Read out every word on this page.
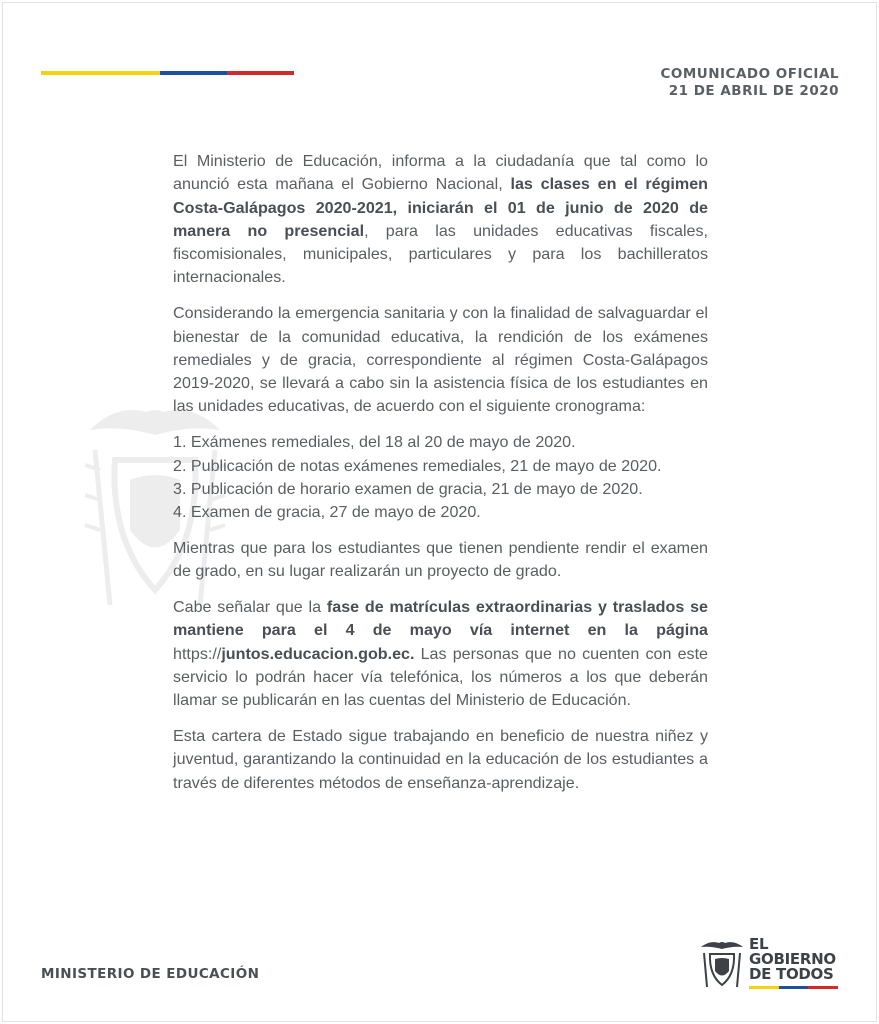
COMUNICADO OFICIAL
21 DE ABRIL DE 2020

El Ministerio de Educación, informa a la ciudadanía que tal como lo anunció esta mañana el Gobierno Nacional, las clases en el régimen Costa-Galápagos 2020-2021, iniciarán el 01 de junio de 2020 de manera no presencial, para las unidades educativas fiscales, fiscomisionales, municipales, particulares y para los bachilleratos internacionales.

Considerando la emergencia sanitaria y con la finalidad de salvaguardar el bienestar de la comunidad educativa, la rendición de los exámenes remediales y de gracia, correspondiente al régimen Costa-Galápagos 2019-2020, se llevará a cabo sin la asistencia física de los estudiantes en las unidades educativas, de acuerdo con el siguiente cronograma:

1. Exámenes remediales, del 18 al 20 de mayo de 2020.
2. Publicación de notas exámenes remediales, 21 de mayo de 2020.
3. Publicación de horario examen de gracia, 21 de mayo de 2020.
4. Examen de gracia, 27 de mayo de 2020.

Mientras que para los estudiantes que tienen pendiente rendir el examen de grado, en su lugar realizarán un proyecto de grado.

Cabe señalar que la fase de matrículas extraordinarias y traslados se mantiene para el 4 de mayo vía internet en la página https://juntos.educacion.gob.ec. Las personas que no cuenten con este servicio lo podrán hacer vía telefónica, los números a los que deberán llamar se publicarán en las cuentas del Ministerio de Educación.

Esta cartera de Estado sigue trabajando en beneficio de nuestra niñez y juventud, garantizando la continuidad en la educación de los estudiantes a través de diferentes métodos de enseñanza-aprendizaje.

MINISTERIO DE EDUCACIÓN
EL
GOBIERNO
DE TODOS
